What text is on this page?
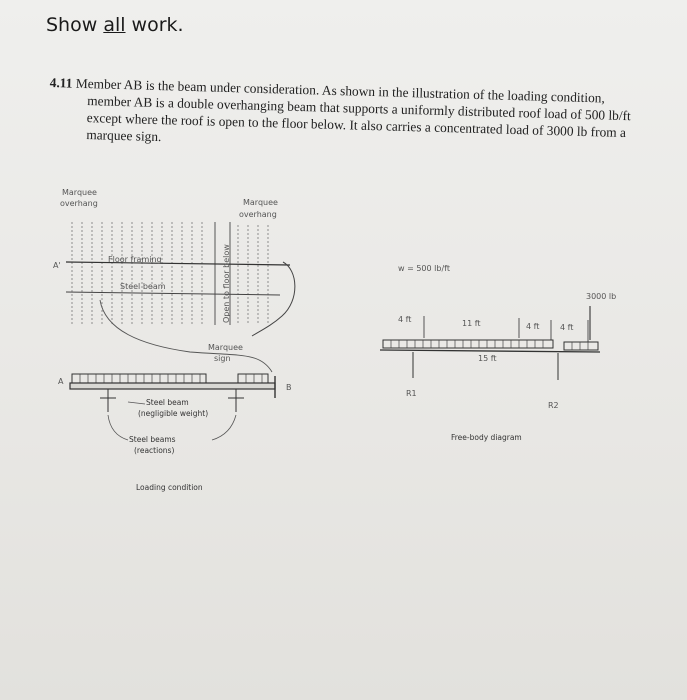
Show all work.

4.11 Member AB is the beam under consideration. As shown in the illustration of the loading condition, member AB is a double overhanging beam that supports a uniformly distributed roof load of 500 lb/ft except where the roof is open to the floor below. It also carries a concentrated load of 3000 lb from a marquee sign.

Marquee
overhang	Marquee
overhang
A'
Floor framing
Steel beam	Open to floor below
Marquee
sign
A
B
Steel beam
(negligible weight)
Steel beams
(reactions)
Loading condition
w = 500 lb/ft
3000 lb
4 ft	11 ft	4 ft	4 ft
15 ft
R1
R2
Free-body diagram
